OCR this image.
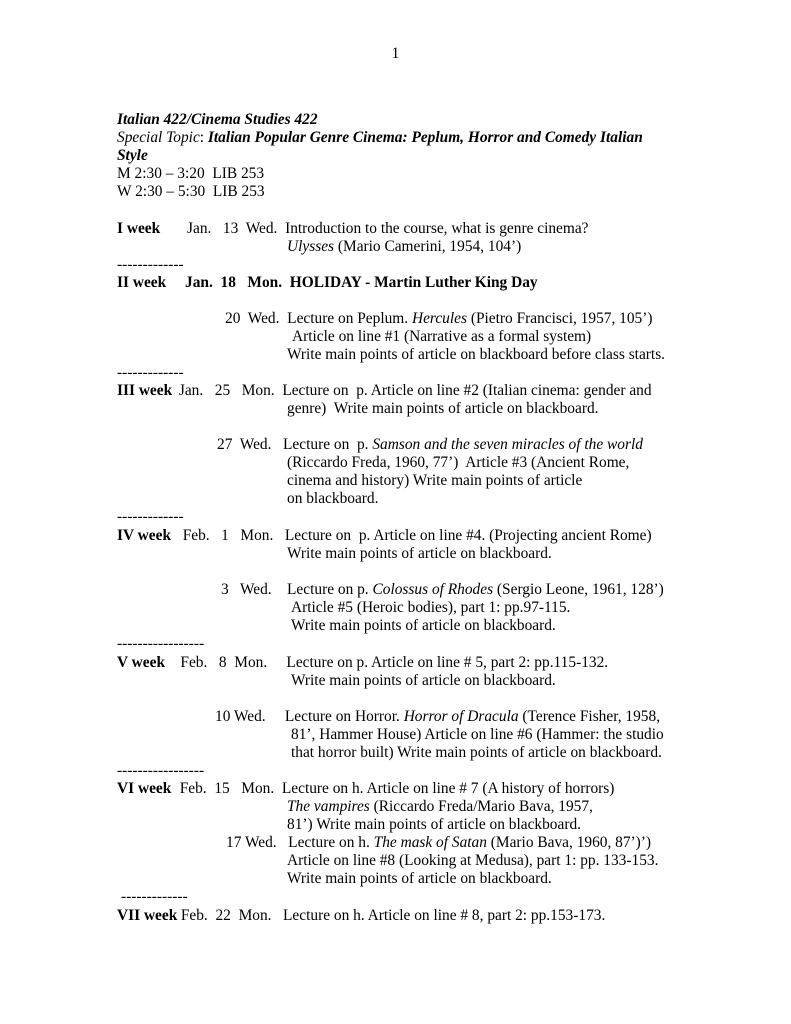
1
Italian 422/Cinema Studies 422
Special Topic: Italian Popular Genre Cinema: Peplum, Horror and Comedy Italian
Style
M 2:30 – 3:20  LIB 253
W 2:30 – 5:30  LIB 253
I week Jan.   13  Wed.  Introduction to the course, what is genre cinema?
Ulysses (Mario Camerini, 1954, 104’)
-------------
II week Jan.  18   Mon.  HOLIDAY - Martin Luther King Day
20  Wed.  Lecture on Peplum. Hercules (Pietro Francisci, 1957, 105’)
Article on line #1 (Narrative as a formal system)
Write main points of article on blackboard before class starts.
-------------
III week Jan.   25   Mon.  Lecture on  p. Article on line #2 (Italian cinema: gender and
genre)  Write main points of article on blackboard.
27  Wed.   Lecture on  p. Samson and the seven miracles of the world
(Riccardo Freda, 1960, 77’)  Article #3 (Ancient Rome,
cinema and history) Write main points of article
on blackboard.
-------------
IV week Feb.   1   Mon.   Lecture on  p. Article on line #4. (Projecting ancient Rome)
Write main points of article on blackboard.
3   Wed.    Lecture on p. Colossus of Rhodes (Sergio Leone, 1961, 128’)
Article #5 (Heroic bodies), part 1: pp.97-115.
Write main points of article on blackboard.
-----------------
V week Feb.   8  Mon.     Lecture on p. Article on line # 5, part 2: pp.115-132.
Write main points of article on blackboard.
10 Wed.     Lecture on Horror. Horror of Dracula (Terence Fisher, 1958,
81’, Hammer House) Article on line #6 (Hammer: the studio
that horror built) Write main points of article on blackboard.
-----------------
VI week Feb.  15   Mon.  Lecture on h. Article on line # 7 (A history of horrors)
The vampires (Riccardo Freda/Mario Bava, 1957,
81’) Write main points of article on blackboard.
17 Wed.   Lecture on h. The mask of Satan (Mario Bava, 1960, 87’)’)
Article on line #8 (Looking at Medusa), part 1: pp. 133-153.
Write main points of article on blackboard.
-------------
VII week Feb.  22  Mon.   Lecture on h. Article on line # 8, part 2: pp.153-173.
